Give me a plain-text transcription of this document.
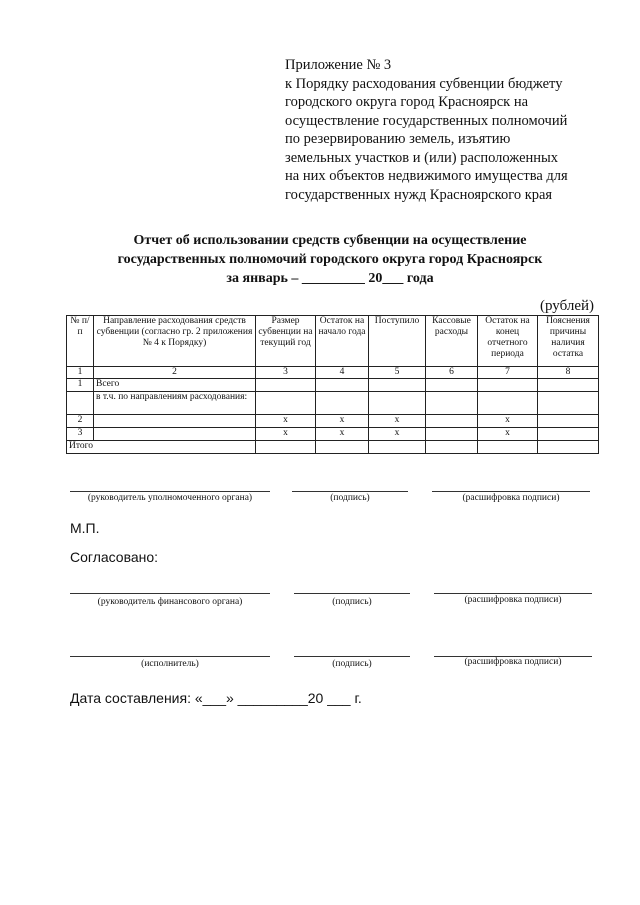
Приложение № 3
к Порядку расходования субвенции бюджету
городского округа город Красноярск на
осуществление государственных полномочий
по резервированию земель, изъятию
земельных участков и (или) расположенных
на них объектов недвижимого имущества для
государственных нужд Красноярского края
Отчет об использовании средств субвенции на осуществление
государственных полномочий городского округа город Красноярск
за январь – _________ 20___ года
(рублей)
№ п/п	Направление расходования средств субвенции (согласно гр. 2 приложения № 4 к Порядку)	Размер субвенции на текущий год	Остаток на начало года	Поступило	Кассовые расходы	Остаток на конец отчетного периода	Пояснения причины наличия остатка
1	2	3	4	5	6	7	8
1	Всего						
	в т.ч. по направлениям расходования:						
2		х	х	х		х	
3		х	х	х		х	
Итого							
(руководитель уполномоченного органа)	(подпись)	(расшифровка подписи)
М.П.
Согласовано:
(руководитель финансового органа)	(подпись)	(расшифровка подписи)
(исполнитель)	(подпись)	(расшифровка подписи)
Дата составления: «___» _________20 ___ г.
